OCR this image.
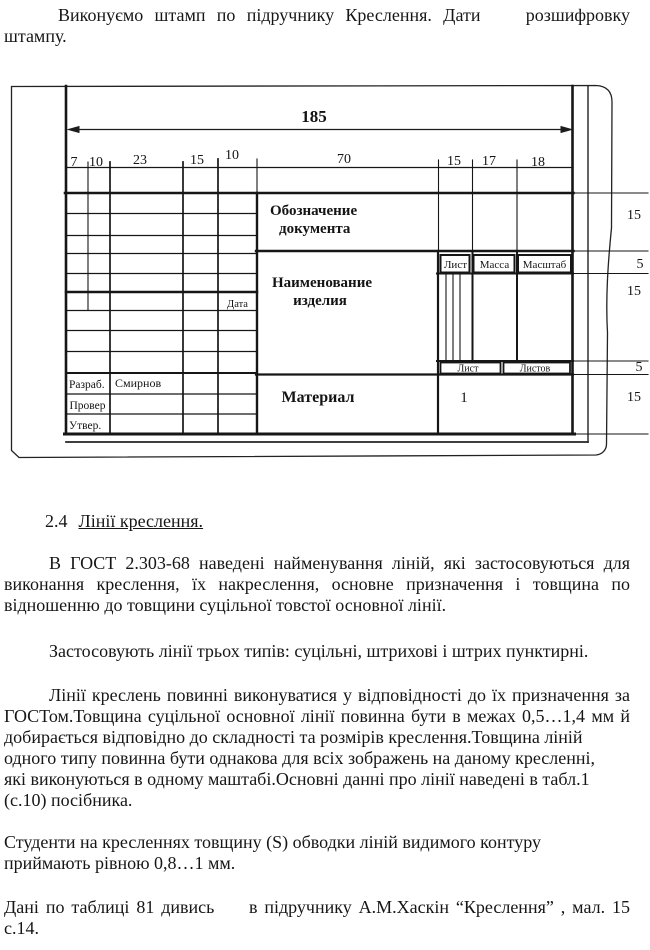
Виконуємо штамп по підручнику Креслення. Дати    розшифровку
штампу.
185
7 10 23	15 10	70	15 17	18
15
5
15
5
15
Обозначение
документа
Наименование
изделия
Лист Масса Масштаб
Дата
Лист	Листов
Материал	1
Разраб. Смирнов
Провер
Утвер.
2.4 Лінії креслення.
В ГОСТ 2.303-68 наведені найменування ліній, які застосовуються для
виконання креслення, їх накреслення, основне призначення і товщина по
відношенню до товщини суцільної товстої основної лінії.
Застосовують лінії трьох типів: суцільні, штрихові і штрих пунктирні.
Лінії креслень повинні виконуватися у відповідності до їх призначення за
ГОСТом.Товщина суцільної основної лінії повинна бути в межах 0,5…1,4 мм й
добирається відповідно до складності та розмірів креслення.Товщина ліній
одного типу повинна бути однакова для всіх зображень на даному кресленні,
які виконуються в одному маштабі.Основні данні про лінії наведені в табл.1
(с.10) посібника.
Студенти на кресленнях товщину (S) обводки ліній видимого контуру
приймають рівною 0,8…1 мм.
Дані по таблиці 81 дивись     в підручнику А.М.Хаскін “Креслення” , мал. 15
с.14.
